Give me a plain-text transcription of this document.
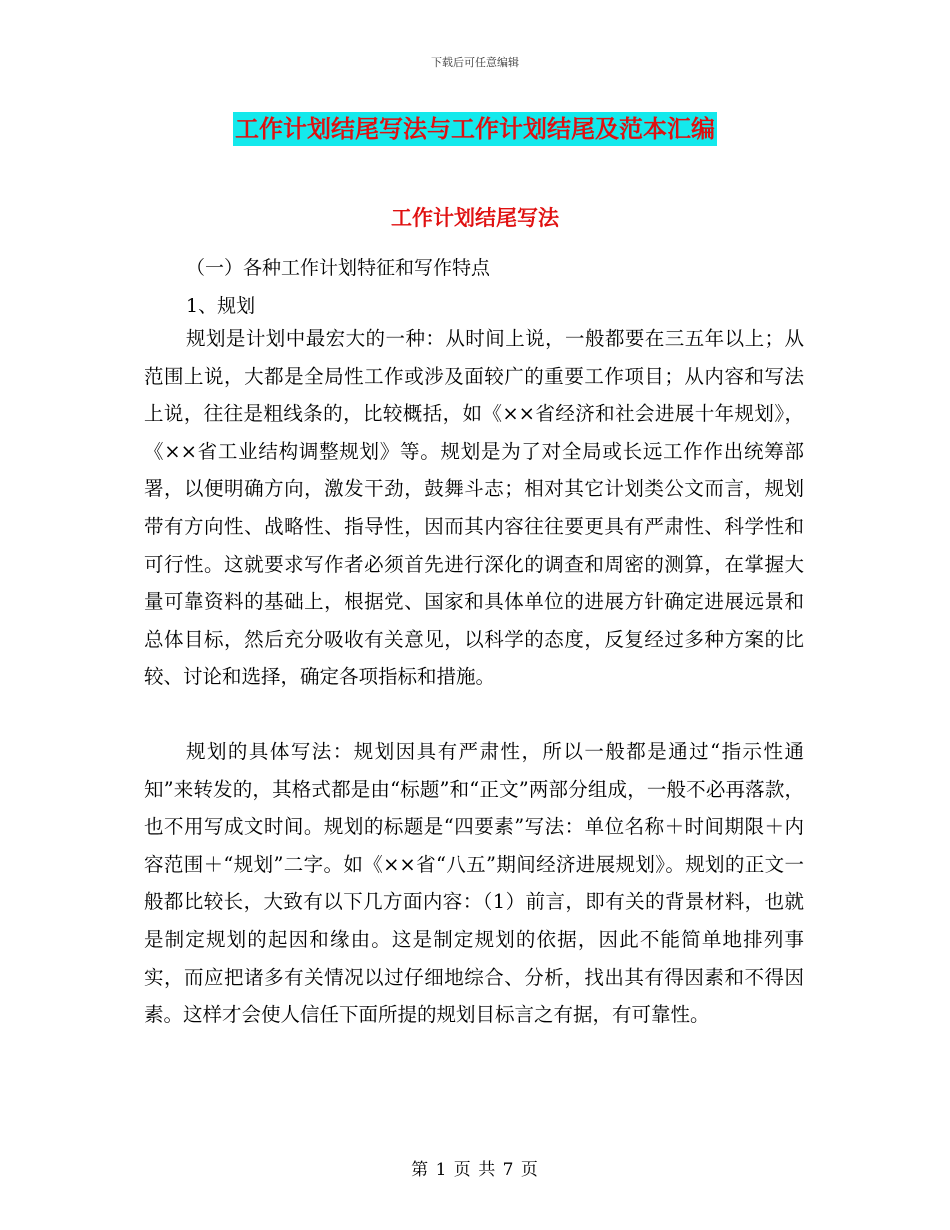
下载后可任意编辑
工作计划结尾写法与工作计划结尾及范本汇编
工作计划结尾写法
（一）各种工作计划特征和写作特点
1、规划

规划是计划中最宏大的一种：从时间上说，一般都要在三五年以上；从范围上说，大都是全局性工作或涉及面较广的重要工作项目；从内容和写法上说，往往是粗线条的，比较概括，如《××省经济和社会进展十年规划》，《××省工业结构调整规划》等。规划是为了对全局或长远工作作出统筹部署，以便明确方向，激发干劲，鼓舞斗志；相对其它计划类公文而言，规划带有方向性、战略性、指导性，因而其内容往往要更具有严肃性、科学性和可行性。这就要求写作者必须首先进行深化的调查和周密的测算，在掌握大量可靠资料的基础上，根据党、国家和具体单位的进展方针确定进展远景和总体目标，然后充分吸收有关意见，以科学的态度，反复经过多种方案的比较、讨论和选择，确定各项指标和措施。

规划的具体写法：规划因具有严肃性，所以一般都是通过“指示性通知”来转发的，其格式都是由“标题”和“正文”两部分组成，一般不必再落款，也不用写成文时间。规划的标题是“四要素”写法：单位名称＋时间期限＋内容范围＋“规划”二字。如《××省“八五”期间经济进展规划》。规划的正文一般都比较长，大致有以下几方面内容：（1）前言，即有关的背景材料，也就是制定规划的起因和缘由。这是制定规划的依据，因此不能简单地排列事实，而应把诸多有关情况以过仔细地综合、分析，找出其有得因素和不得因素。这样才会使人信任下面所提的规划目标言之有据，有可靠性。

第 1 页 共 7 页
